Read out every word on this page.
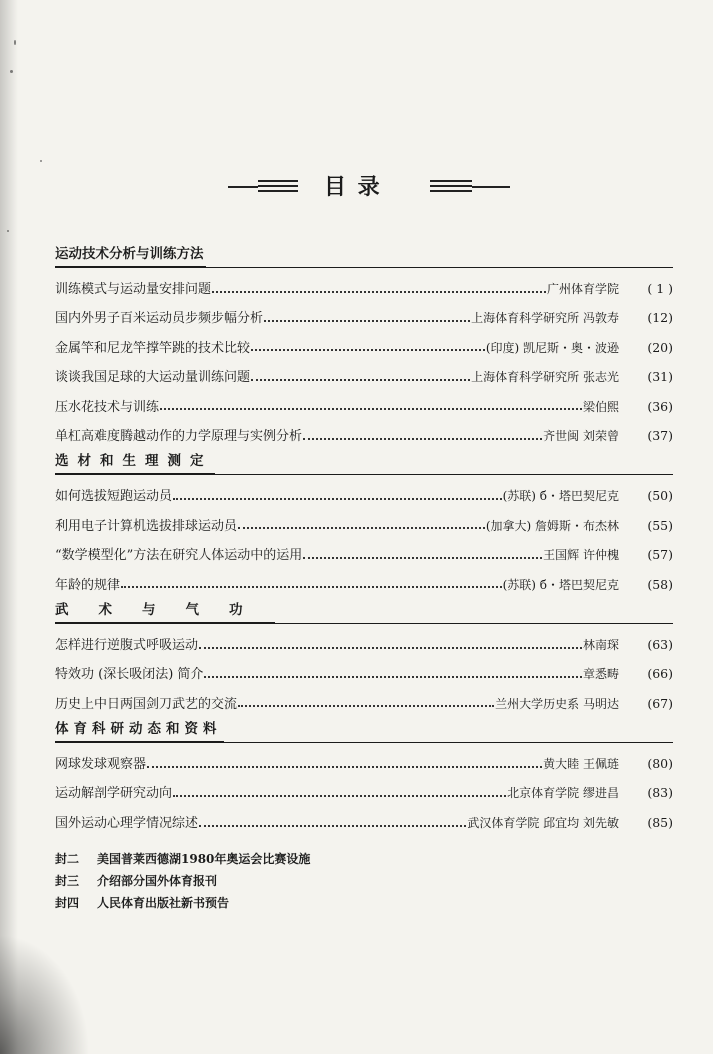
目 录
运动技术分析与训练方法
训练模式与运动量安排问题	广州体育学院	( 1 )
国内外男子百米运动员步频步幅分析	上海体育科学研究所 冯敦寿	(12)
金属竿和尼龙竿撑竿跳的技术比较	(印度) 凯尼斯・奥・波逊	(20)
谈谈我国足球的大运动量训练问题	上海体育科学研究所 张志光	(31)
压水花技术与训练	梁伯熙	(36)
单杠高难度腾越动作的力学原理与实例分析	齐世闽 刘荣曾	(37)
选材和生理测定
如何选拔短跑运动员	(苏联) б・塔巴契尼克	(50)
利用电子计算机选拔排球运动员	(加拿大) 詹姆斯・布杰林	(55)
“数学模型化”方法在研究人体运动中的运用	王国辉 许仲槐	(57)
年龄的规律	(苏联) б・塔巴契尼克	(58)
武术与气功
怎样进行逆腹式呼吸运动	林南琛	(63)
特效功 (深长吸闭法) 简介	章悉畴	(66)
历史上中日两国剑刀武艺的交流	兰州大学历史系 马明达	(67)
体育科研动态和资料
网球发球观察器	黄大睦 王佩琏	(80)
运动解剖学研究动向	北京体育学院 缪进昌	(83)
国外运动心理学情况综述	武汉体育学院 邱宜均 刘先敏	(85)
封二 美国普莱西德湖1980年奥运会比赛设施
封三 介绍部分国外体育报刊
封四 人民体育出版社新书预告
